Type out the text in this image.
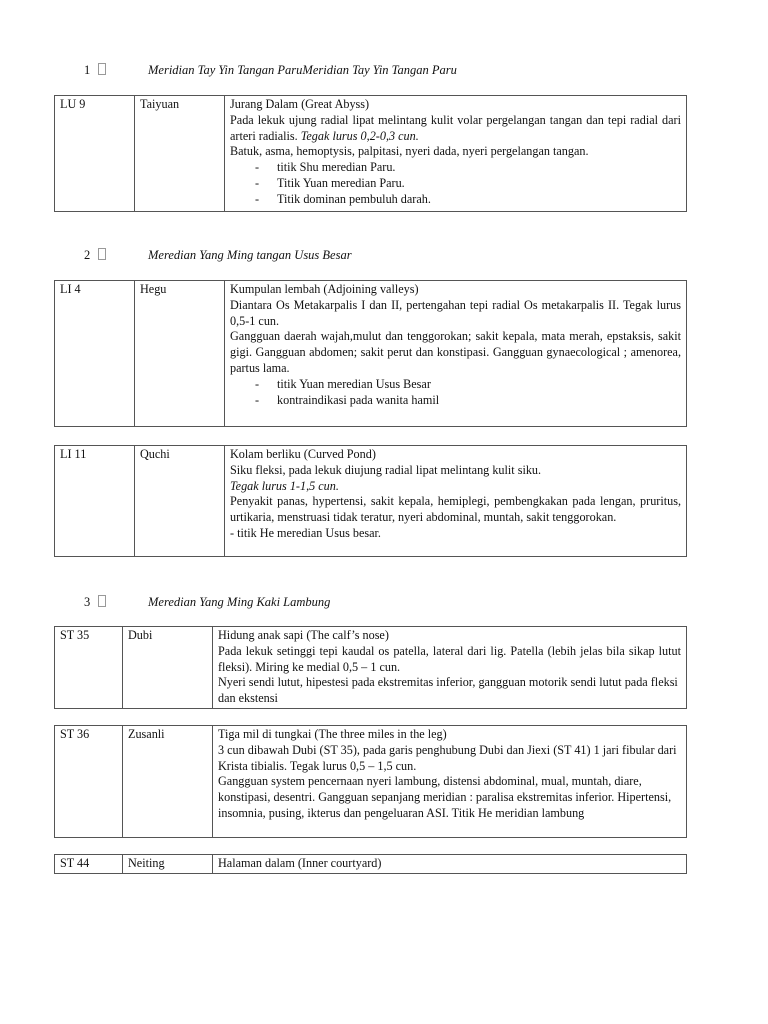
1	Meridian Tay Yin Tangan ParuMeridian Tay Yin Tangan Paru
LU 9	Taiyuan	Jurang Dalam (Great Abyss)

Pada lekuk ujung radial lipat melintang kulit volar pergelangan tangan dan tepi radial dari arteri radialis. Tegak lurus 0,2-0,3 cun.

Batuk, asma, hemoptysis, palpitasi, nyeri dada, nyeri pergelangan tangan.

- titik Shu meredian Paru.
- Titik Yuan meredian Paru.
- Titik dominan pembuluh darah.
2	Meredian Yang Ming tangan Usus Besar
LI 4	Hegu	Kumpulan lembah (Adjoining valleys)

Diantara Os Metakarpalis I dan II, pertengahan tepi radial Os metakarpalis II. Tegak lurus 0,5-1 cun.

Gangguan daerah wajah,mulut dan tenggorokan; sakit kepala, mata merah, epstaksis, sakit gigi. Gangguan abdomen; sakit perut dan konstipasi. Gangguan gynaecological ; amenorea, partus lama.

- titik Yuan meredian Usus Besar
- kontraindikasi pada wanita hamil
LI 11	Quchi	Kolam berliku (Curved Pond)

Siku fleksi, pada lekuk diujung radial lipat melintang kulit siku.

Tegak lurus 1-1,5 cun.

Penyakit panas, hypertensi, sakit kepala, hemiplegi, pembengkakan pada lengan, pruritus, urtikaria, menstruasi tidak teratur, nyeri abdominal, muntah, sakit tenggorokan.

- titik He meredian Usus besar.

3	Meredian Yang Ming Kaki Lambung
ST 35	Dubi	Hidung anak sapi (The calf’s nose)

Pada lekuk setinggi tepi kaudal os patella, lateral dari lig. Patella (lebih jelas bila sikap lutut fleksi). Miring ke medial 0,5 – 1 cun.

Nyeri sendi lutut, hipestesi pada ekstremitas inferior, gangguan motorik sendi lutut pada fleksi dan ekstensi

ST 36	Zusanli	Tiga mil di tungkai (The three miles in the leg)

3 cun dibawah Dubi (ST 35), pada garis penghubung Dubi dan Jiexi (ST 41) 1 jari fibular dari Krista tibialis. Tegak lurus 0,5 – 1,5 cun.

Gangguan system pencernaan nyeri lambung, distensi abdominal, mual, muntah, diare, konstipasi, desentri. Gangguan sepanjang meridian : paralisa ekstremitas inferior. Hipertensi, insomnia, pusing, ikterus dan pengeluaran ASI. Titik He meridian lambung

ST 44	Neiting	Halaman dalam (Inner courtyard)
